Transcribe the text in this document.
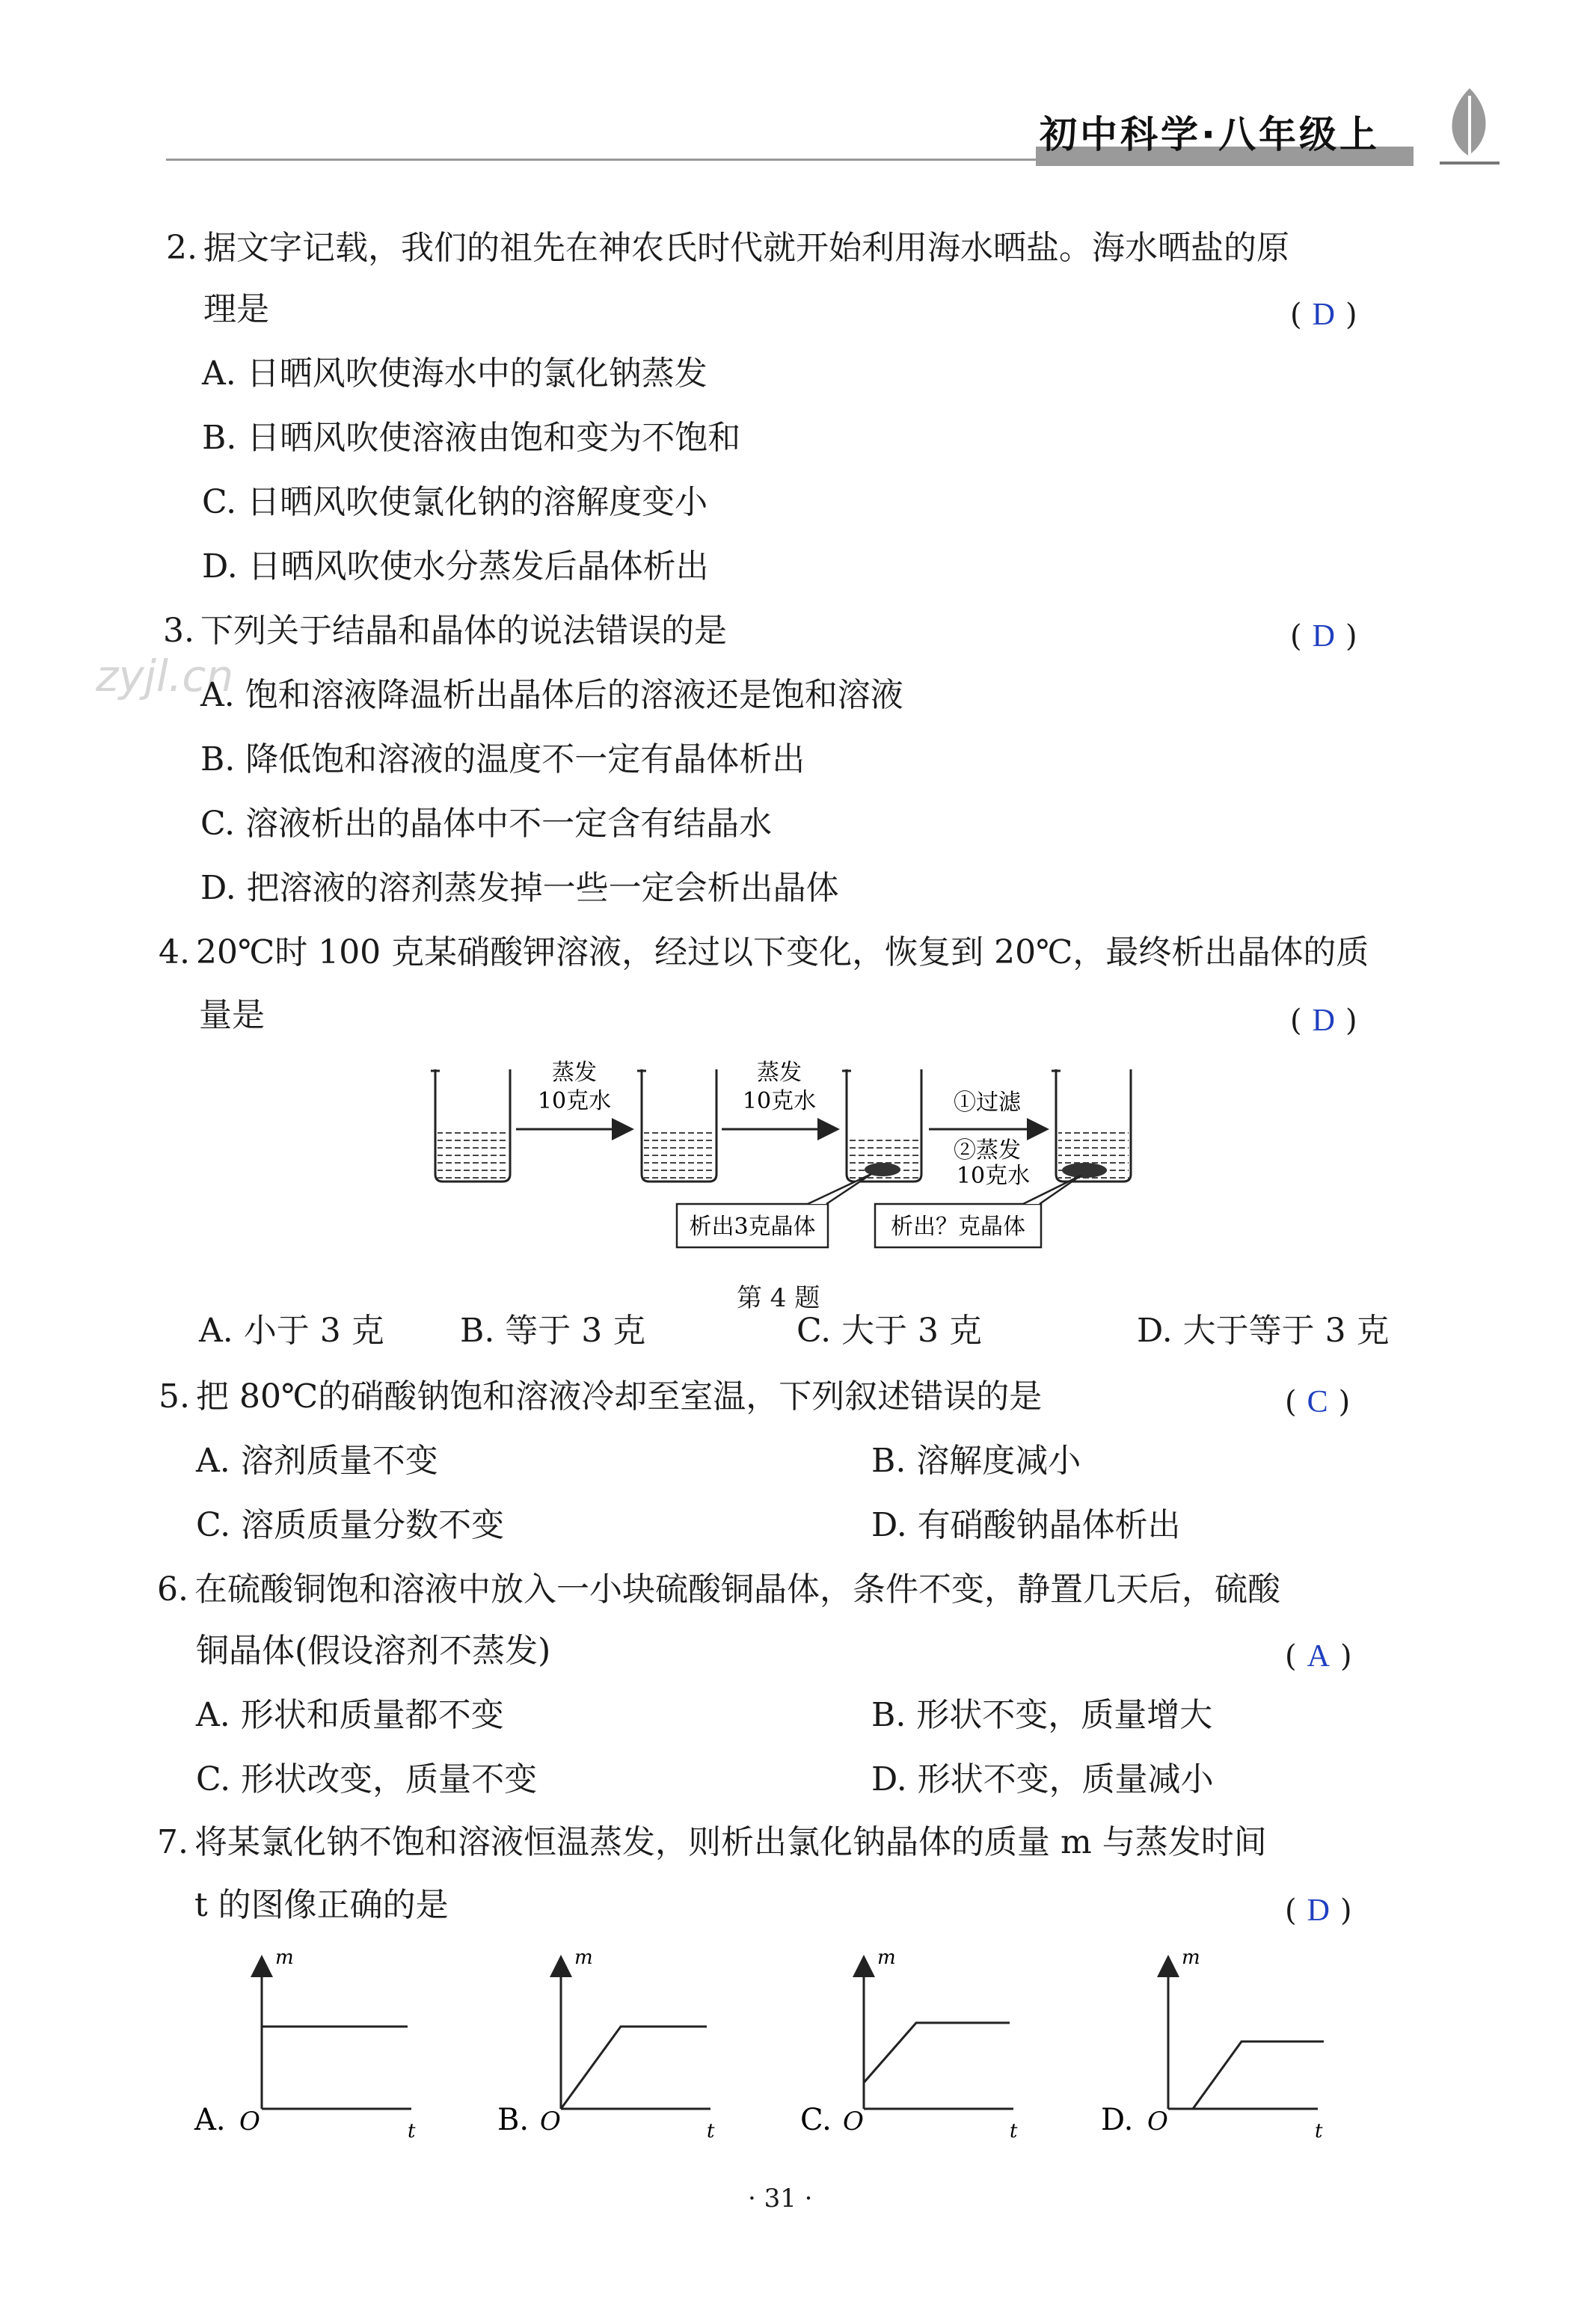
初中科学·八年级上
zyjl.cn
2. 据文字记载，我们的祖先在神农氏时代就开始利用海水晒盐。海水晒盐的原
理是	( D )
A. 日晒风吹使海水中的氯化钠蒸发
B. 日晒风吹使溶液由饱和变为不饱和
C. 日晒风吹使氯化钠的溶解度变小
D. 日晒风吹使水分蒸发后晶体析出
3. 下列关于结晶和晶体的说法错误的是	( D )
A. 饱和溶液降温析出晶体后的溶液还是饱和溶液
B. 降低饱和溶液的温度不一定有晶体析出
C. 溶液析出的晶体中不一定含有结晶水
D. 把溶液的溶剂蒸发掉一些一定会析出晶体
4. 20℃时 100 克某硝酸钾溶液，经过以下变化，恢复到 20℃，最终析出晶体的质
量是	( D )
蒸发
10克水
蒸发
10克水	①过滤
②蒸发
10克水
析出3克晶体	析出？克晶体
第 4 题
A. 小于 3 克 B. 等于 3 克	C. 大于 3 克	D. 大于等于 3 克
5. 把 80℃的硝酸钠饱和溶液冷却至室温，下列叙述错误的是	( C )
A. 溶剂质量不变	B. 溶解度减小
C. 溶质质量分数不变	D. 有硝酸钠晶体析出
6. 在硫酸铜饱和溶液中放入一小块硫酸铜晶体，条件不变，静置几天后，硫酸
铜晶体(假设溶剂不蒸发)	( A )
A. 形状和质量都不变	B. 形状不变，质量增大
C. 形状改变，质量不变	D. 形状不变，质量减小
7. 将某氯化钠不饱和溶液恒温蒸发，则析出氯化钠晶体的质量 m 与蒸发时间
t 的图像正确的是	( D )
m
t
O
A.
m
t
O
B.
m
t
O
C.
m
t
O
D.
· 31 ·
